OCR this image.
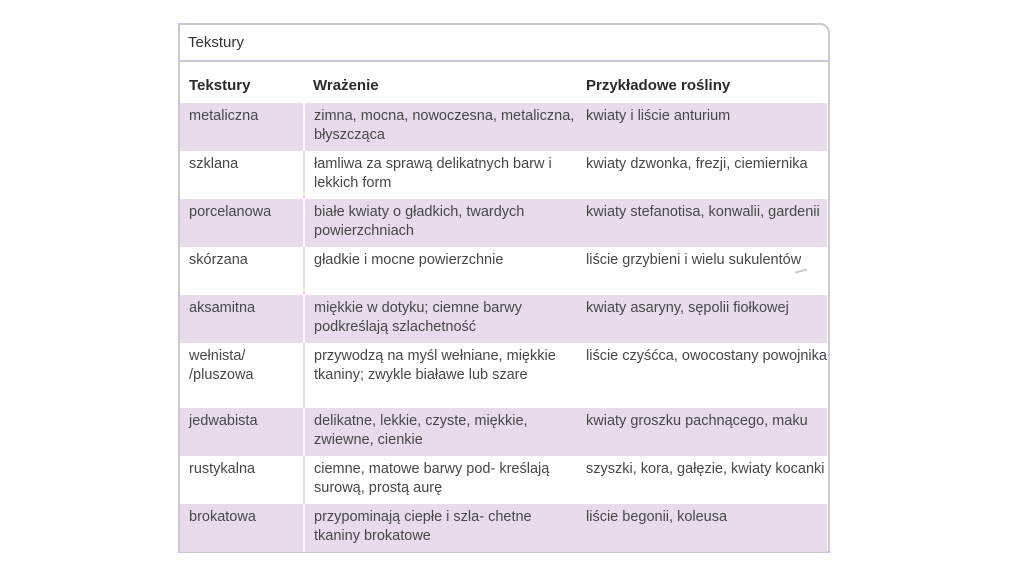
Tekstury
Tekstury	Wrażenie	Przykładowe rośliny
metaliczna	zimna, mocna, nowoczesna, metaliczna, błyszcząca	kwiaty i liście anturium
szklana	łamliwa za sprawą delikatnych barw i lekkich form	kwiaty dzwonka, frezji, ciemiernika
porcelanowa	białe kwiaty o gładkich, twardych powierzchniach	kwiaty stefanotisa, konwalii, gardenii
skórzana	gładkie i mocne powierzchnie	liście grzybieni i wielu sukulentów
aksamitna	miękkie w dotyku; ciemne barwy podkreślają szlachetność	kwiaty asaryny, sępolii fiołkowej
wełnista/ /pluszowa	przywodzą na myśl wełniane, miękkie tkaniny; zwykle białawe lub szare	liście czyśćca, owocostany powojnika
jedwabista	delikatne, lekkie, czyste, miękkie, zwiewne, cienkie	kwiaty groszku pachnącego, maku
rustykalna	ciemne, matowe barwy pod- kreślają surową, prostą aurę	szyszki, kora, gałęzie, kwiaty kocanki
brokatowa	przypominają ciepłe i szla- chetne tkaniny brokatowe	liście begonii, koleusa
